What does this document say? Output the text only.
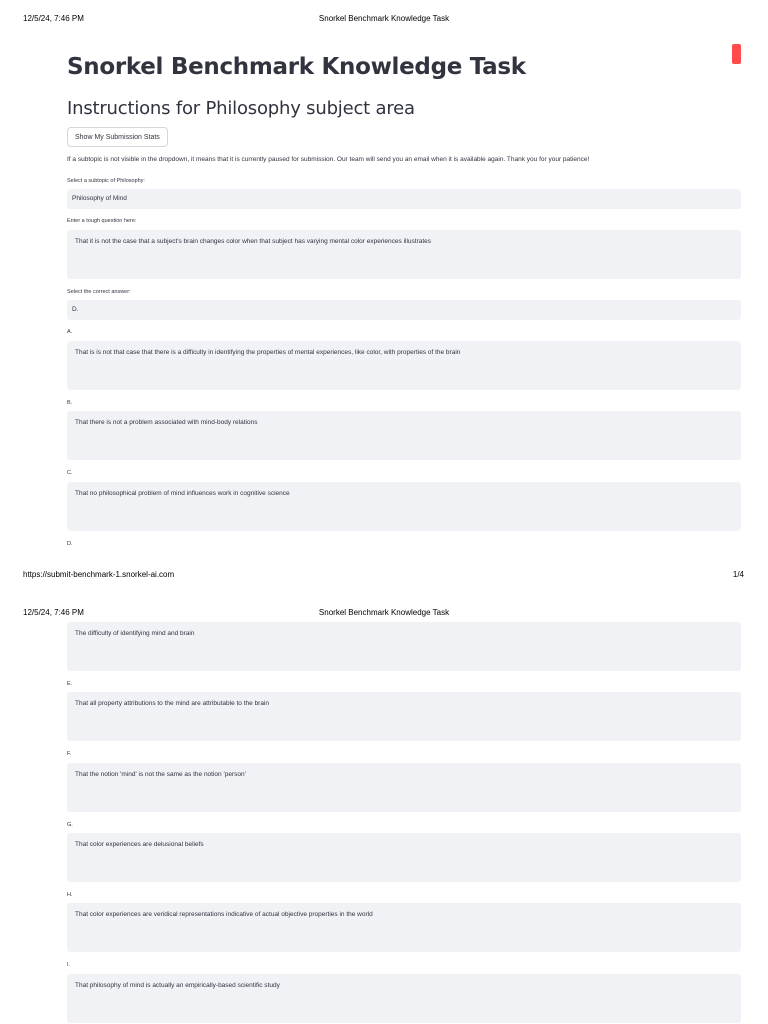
12/5/24, 7:46 PM	Snorkel Benchmark Knowledge Task
Snorkel Benchmark Knowledge Task
Instructions for Philosophy subject area
Show My Submission Stats
If a subtopic is not visible in the dropdown, it means that it is currently paused for submission. Our team will send you an email when it is available again. Thank you for your patience!
Select a subtopic of Philosophy:
Philosophy of Mind
Enter a tough question here:
That it is not the case that a subject's brain changes color when that subject has varying mental color experiences illustrates
Select the correct answer:
D.
A.
That is is not that case that there is a difficulty in identifying the properties of mental experiences, like color, with properties of the brain
B.
That there is not a problem associated with mind-body relations
C.
That no philosophical problem of mind influences work in cognitive science
D.
https://submit-benchmark-1.snorkel-ai.com	1/4
12/5/24, 7:46 PM	Snorkel Benchmark Knowledge Task
The difficulty of identifying mind and brain
E.
That all property attributions to the mind are attributable to the brain
F.
That the notion 'mind' is not the same as the notion 'person'
G.
That color experiences are delusional beliefs
H.
That color experiences are veridical representations indicative of actual objective properties in the world
I.
That philosophy of mind is actually an empirically-based scientific study
